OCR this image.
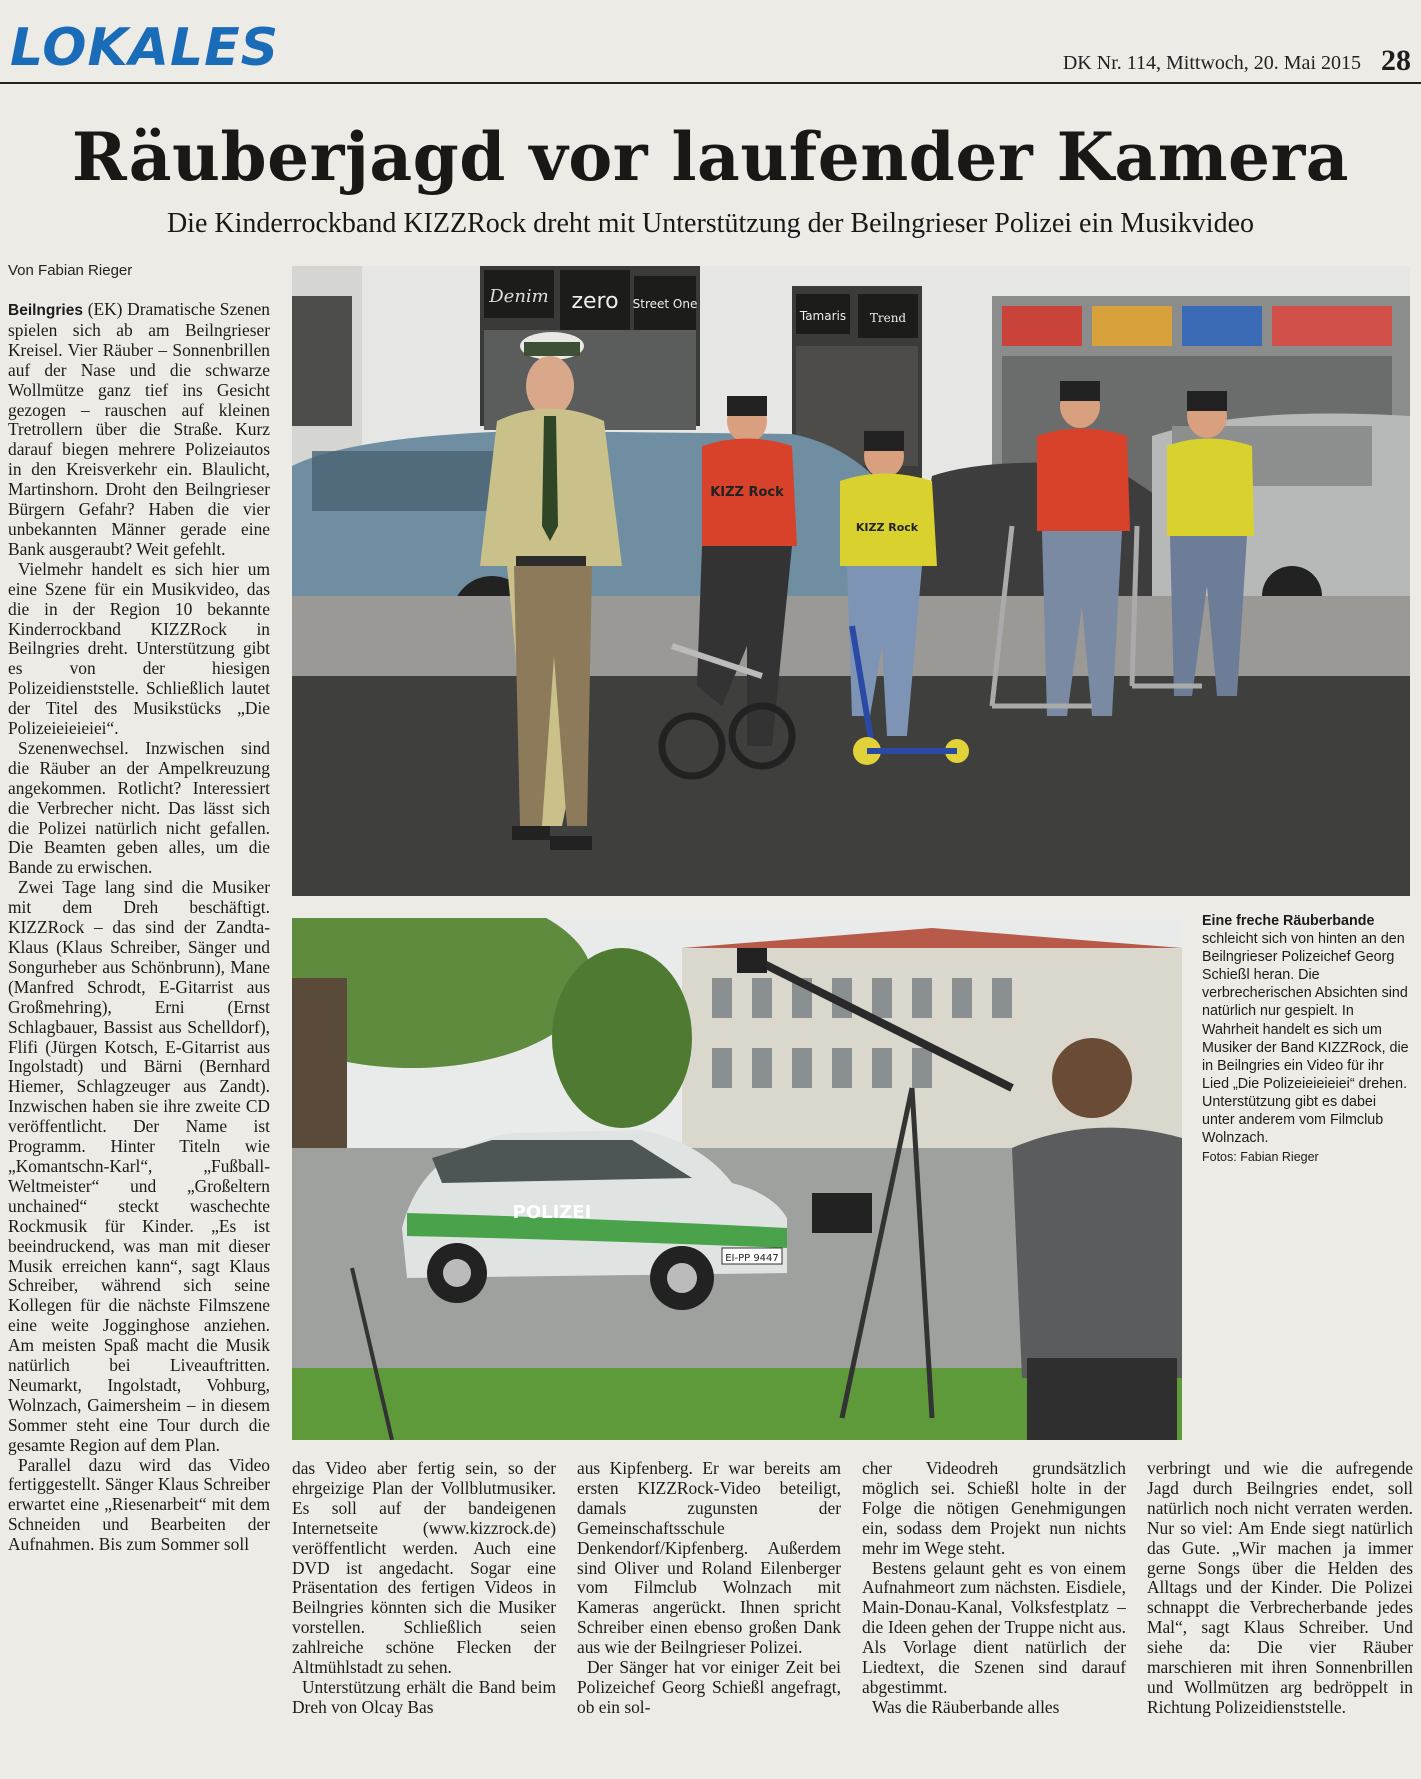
LOKALES	DK Nr. 114, Mittwoch, 20. Mai 2015 28
Räuberjagd vor laufender Kamera
Die Kinderrockband KIZZRock dreht mit Unterstützung der Beilngrieser Polizei ein Musikvideo
Von Fabian Rieger

Beilngries (EK) Dramatische Szenen spielen sich ab am Beilngrieser Kreisel. Vier Räuber – Sonnenbrillen auf der Nase und die schwarze Wollmütze ganz tief ins Gesicht gezogen – rauschen auf kleinen Tretrollern über die Straße. Kurz darauf biegen mehrere Polizeiautos in den Kreisverkehr ein. Blaulicht, Martinshorn. Droht den Beilngrieser Bürgern Gefahr? Haben die vier unbekannten Männer gerade eine Bank ausgeraubt? Weit gefehlt.

Vielmehr handelt es sich hier um eine Szene für ein Musikvideo, das die in der Region 10 bekannte Kinderrockband KIZZRock in Beilngries dreht. Unterstützung gibt es von der hiesigen Polizeidienststelle. Schließlich lautet der Titel des Musikstücks „Die Polizeieieieiei“.

Szenenwechsel. Inzwischen sind die Räuber an der Ampelkreuzung angekommen. Rotlicht? Interessiert die Verbrecher nicht. Das lässt sich die Polizei natürlich nicht gefallen. Die Beamten geben alles, um die Bande zu erwischen.

Zwei Tage lang sind die Musiker mit dem Dreh beschäftigt. KIZZRock – das sind der Zandta-Klaus (Klaus Schreiber, Sänger und Songurheber aus Schönbrunn), Mane (Manfred Schrodt, E-Gitarrist aus Großmehring), Erni (Ernst Schlagbauer, Bassist aus Schelldorf), Flifi (Jürgen Kotsch, E-Gitarrist aus Ingolstadt) und Bärni (Bernhard Hiemer, Schlagzeuger aus Zandt). Inzwischen haben sie ihre zweite CD veröffentlicht. Der Name ist Programm. Hinter Titeln wie „Komantschn-Karl“, „Fußball-Weltmeister“ und „Großeltern unchained“ steckt waschechte Rockmusik für Kinder. „Es ist beeindruckend, was man mit dieser Musik erreichen kann“, sagt Klaus Schreiber, während sich seine Kollegen für die nächste Filmszene eine weite Jogginghose anziehen. Am meisten Spaß macht die Musik natürlich bei Liveauftritten. Neumarkt, Ingolstadt, Vohburg, Wolnzach, Gaimersheim – in diesem Sommer steht eine Tour durch die gesamte Region auf dem Plan.

Parallel dazu wird das Video fertiggestellt. Sänger Klaus Schreiber erwartet eine „Riesenarbeit“ mit dem Schneiden und Bearbeiten der Aufnahmen. Bis zum Sommer soll

Denim zero Street One
Tamaris Trend
KIZZ Rock
KIZZ Rock
POLIZEI
EI-PP 9447
Eine freche Räuberbande schleicht sich von hinten an den Beilngrieser Polizeichef Georg Schießl heran. Die verbrecherischen Absichten sind natürlich nur gespielt. In Wahrheit handelt es sich um Musiker der Band KIZZRock, die in Beilngries ein Video für ihr Lied „Die Polizeieieieiei“ drehen. Unterstützung gibt es dabei unter anderem vom Filmclub Wolnzach.
Fotos: Fabian Rieger

das Video aber fertig sein, so der ehrgeizige Plan der Vollblutmusiker. Es soll auf der bandeigenen Internetseite (www.kizzrock.de) veröffentlicht werden. Auch eine DVD ist angedacht. Sogar eine Präsentation des fertigen Videos in Beilngries könnten sich die Musiker vorstellen. Schließlich seien zahlreiche schöne Flecken der Altmühlstadt zu sehen.

Unterstützung erhält die Band beim Dreh von Olcay Bas

aus Kipfenberg. Er war bereits am ersten KIZZRock-Video beteiligt, damals zugunsten der Gemeinschaftsschule Denkendorf/Kipfenberg. Außerdem sind Oliver und Roland Eilenberger vom Filmclub Wolnzach mit Kameras angerückt. Ihnen spricht Schreiber einen ebenso großen Dank aus wie der Beilngrieser Polizei.

Der Sänger hat vor einiger Zeit bei Polizeichef Georg Schießl angefragt, ob ein sol-

cher Videodreh grundsätzlich möglich sei. Schießl holte in der Folge die nötigen Genehmigungen ein, sodass dem Projekt nun nichts mehr im Wege steht.

Bestens gelaunt geht es von einem Aufnahmeort zum nächsten. Eisdiele, Main-Donau-Kanal, Volksfestplatz – die Ideen gehen der Truppe nicht aus. Als Vorlage dient natürlich der Liedtext, die Szenen sind darauf abgestimmt.

Was die Räuberbande alles

verbringt und wie die aufregende Jagd durch Beilngries endet, soll natürlich noch nicht verraten werden. Nur so viel: Am Ende siegt natürlich das Gute. „Wir machen ja immer gerne Songs über die Helden des Alltags und der Kinder. Die Polizei schnappt die Verbrecherbande jedes Mal“, sagt Klaus Schreiber. Und siehe da: Die vier Räuber marschieren mit ihren Sonnenbrillen und Wollmützen arg bedröppelt in Richtung Polizeidienststelle.
